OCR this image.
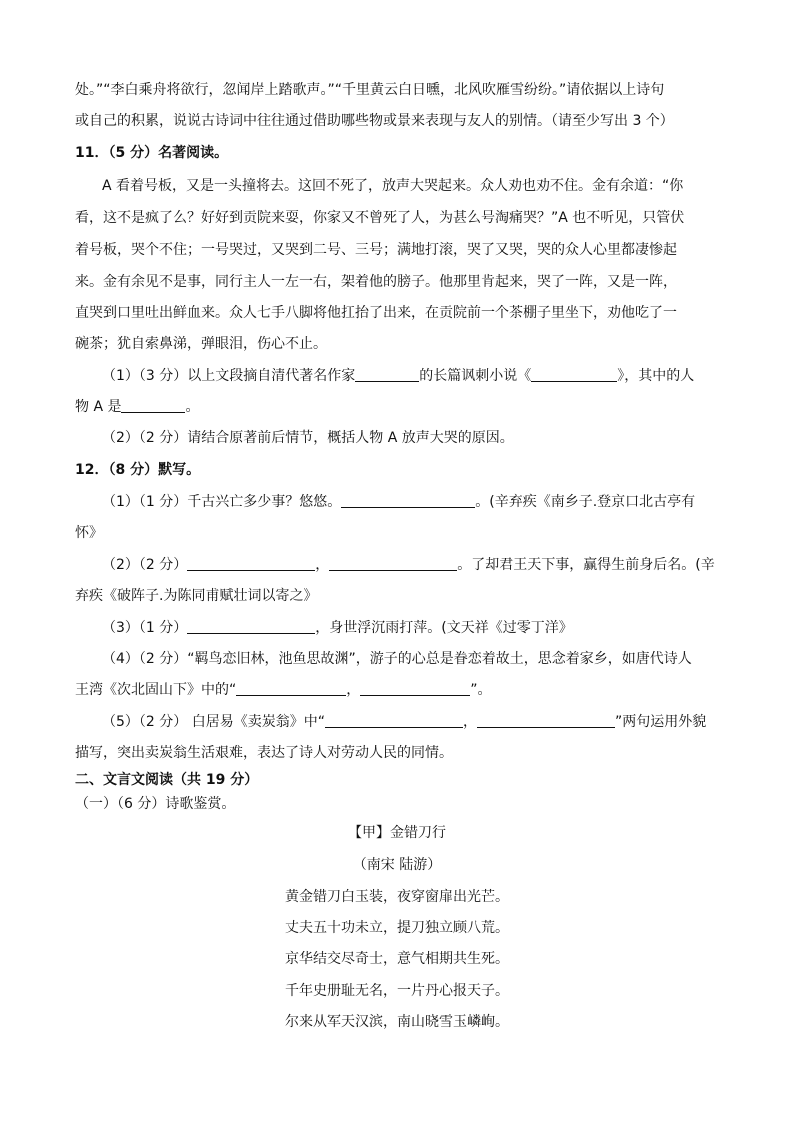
处。”“李白乘舟将欲行，忽闻岸上踏歌声。”“千里黄云白日曛，北风吹雁雪纷纷。”请依据以上诗句
或自己的积累，说说古诗词中往往通过借助哪些物或景来表现与友人的别情。（请至少写出 3 个）
11．（5 分）名著阅读。
A 看着号板，又是一头撞将去。这回不死了，放声大哭起来。众人劝也劝不住。金有余道：“你
看，这不是疯了么？好好到贡院来耍，你家又不曾死了人，为甚么号淘痛哭？”A 也不听见，只管伏
着号板，哭个不住；一号哭过，又哭到二号、三号；满地打滚，哭了又哭，哭的众人心里都凄惨起
来。金有余见不是事，同行主人一左一右，架着他的膀子。他那里肯起来，哭了一阵，又是一阵，
直哭到口里吐出鲜血来。众人七手八脚将他扛抬了出来，在贡院前一个茶棚子里坐下，劝他吃了一
碗茶；犹自索鼻涕，弹眼泪，伤心不止。
（1）（3 分）以上文段摘自清代著名作家	的长篇讽刺小说《	》，其中的人
物 A 是	。
（2）（2 分）请结合原著前后情节，概括人物 A 放声大哭的原因。
12．（8 分）默写。
（1）（1 分）千古兴亡多少事？悠悠。	。(辛弃疾《南乡子.登京口北古亭有
怀》
（2）（2 分）	，	。了却君王天下事，赢得生前身后名。(辛
弃疾《破阵子.为陈同甫赋壮词以寄之》
（3）（1 分）	，身世浮沉雨打萍。(文天祥《过零丁洋》
（4）（2 分）“羁鸟恋旧林，池鱼思故渊”，游子的心总是眷恋着故土，思念着家乡，如唐代诗人
王湾《次北固山下》中的“	，	”。
（5）（2 分） 白居易《卖炭翁》中“	，	”两句运用外貌
描写，突出卖炭翁生活艰难，表达了诗人对劳动人民的同情。
二、文言文阅读（共 19 分）
（一）（6 分）诗歌鉴赏。
【甲】金错刀行
（南宋 陆游）
黄金错刀白玉装，夜穿窗扉出光芒。
丈夫五十功未立，提刀独立顾八荒。
京华结交尽奇士，意气相期共生死。
千年史册耻无名，一片丹心报天子。
尔来从军天汉滨，南山晓雪玉嶙峋。
